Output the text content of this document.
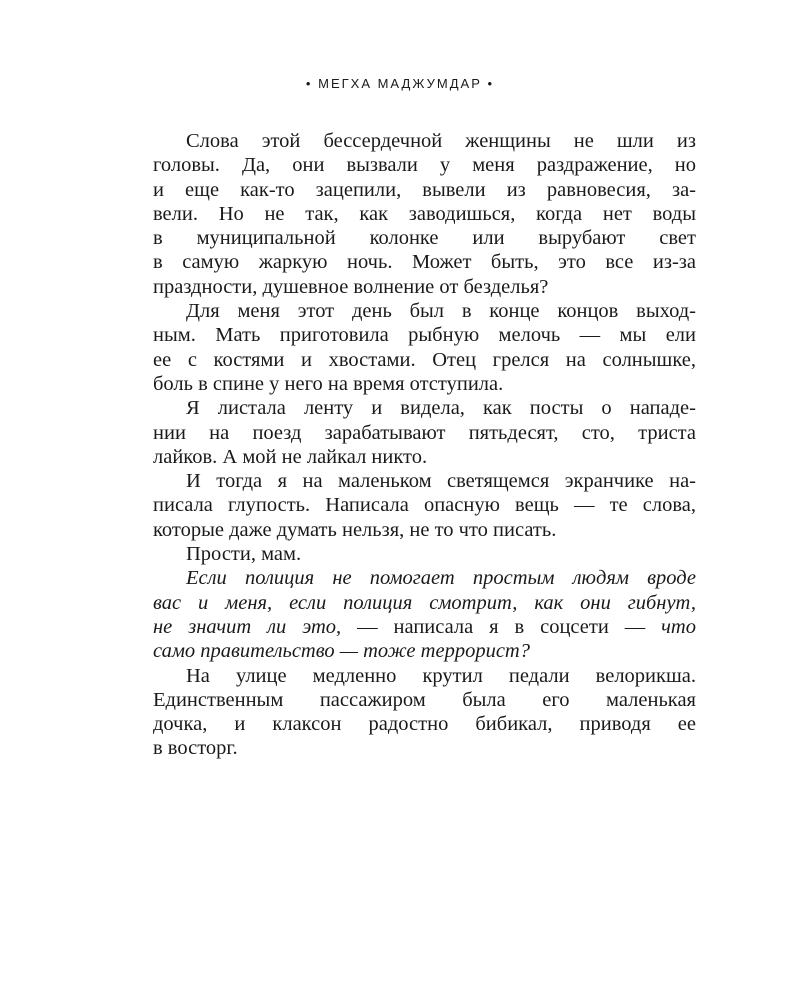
• МЕГХА МАДЖУМДАР •
Слова этой бессердечной женщины не шли из
головы. Да, они вызвали у меня раздражение, но
и еще как-то зацепили, вывели из равновесия, за-
вели. Но не так, как заводишься, когда нет воды
в муниципальной колонке или вырубают свет
в самую жаркую ночь. Может быть, это все из-за
праздности, душевное волнение от безделья?
Для меня этот день был в конце концов выход-
ным. Мать приготовила рыбную мелочь — мы ели
ее с костями и хвостами. Отец грелся на солнышке,
боль в спине у него на время отступила.
Я листала ленту и видела, как посты о нападе-
нии на поезд зарабатывают пятьдесят, сто, триста
лайков. А мой не лайкал никто.
И тогда я на маленьком светящемся экранчике на-
писала глупость. Написала опасную вещь — те слова,
которые даже думать нельзя, не то что писать.
Прости, мам.
Если полиция не помогает простым людям вроде
вас и меня, если полиция смотрит, как они гибнут,
не значит ли это, — написала я в соцсети — что
само правительство — тоже террорист?
На улице медленно крутил педали велорикша.
Единственным пассажиром была его маленькая
дочка, и клаксон радостно бибикал, приводя ее
в восторг.
